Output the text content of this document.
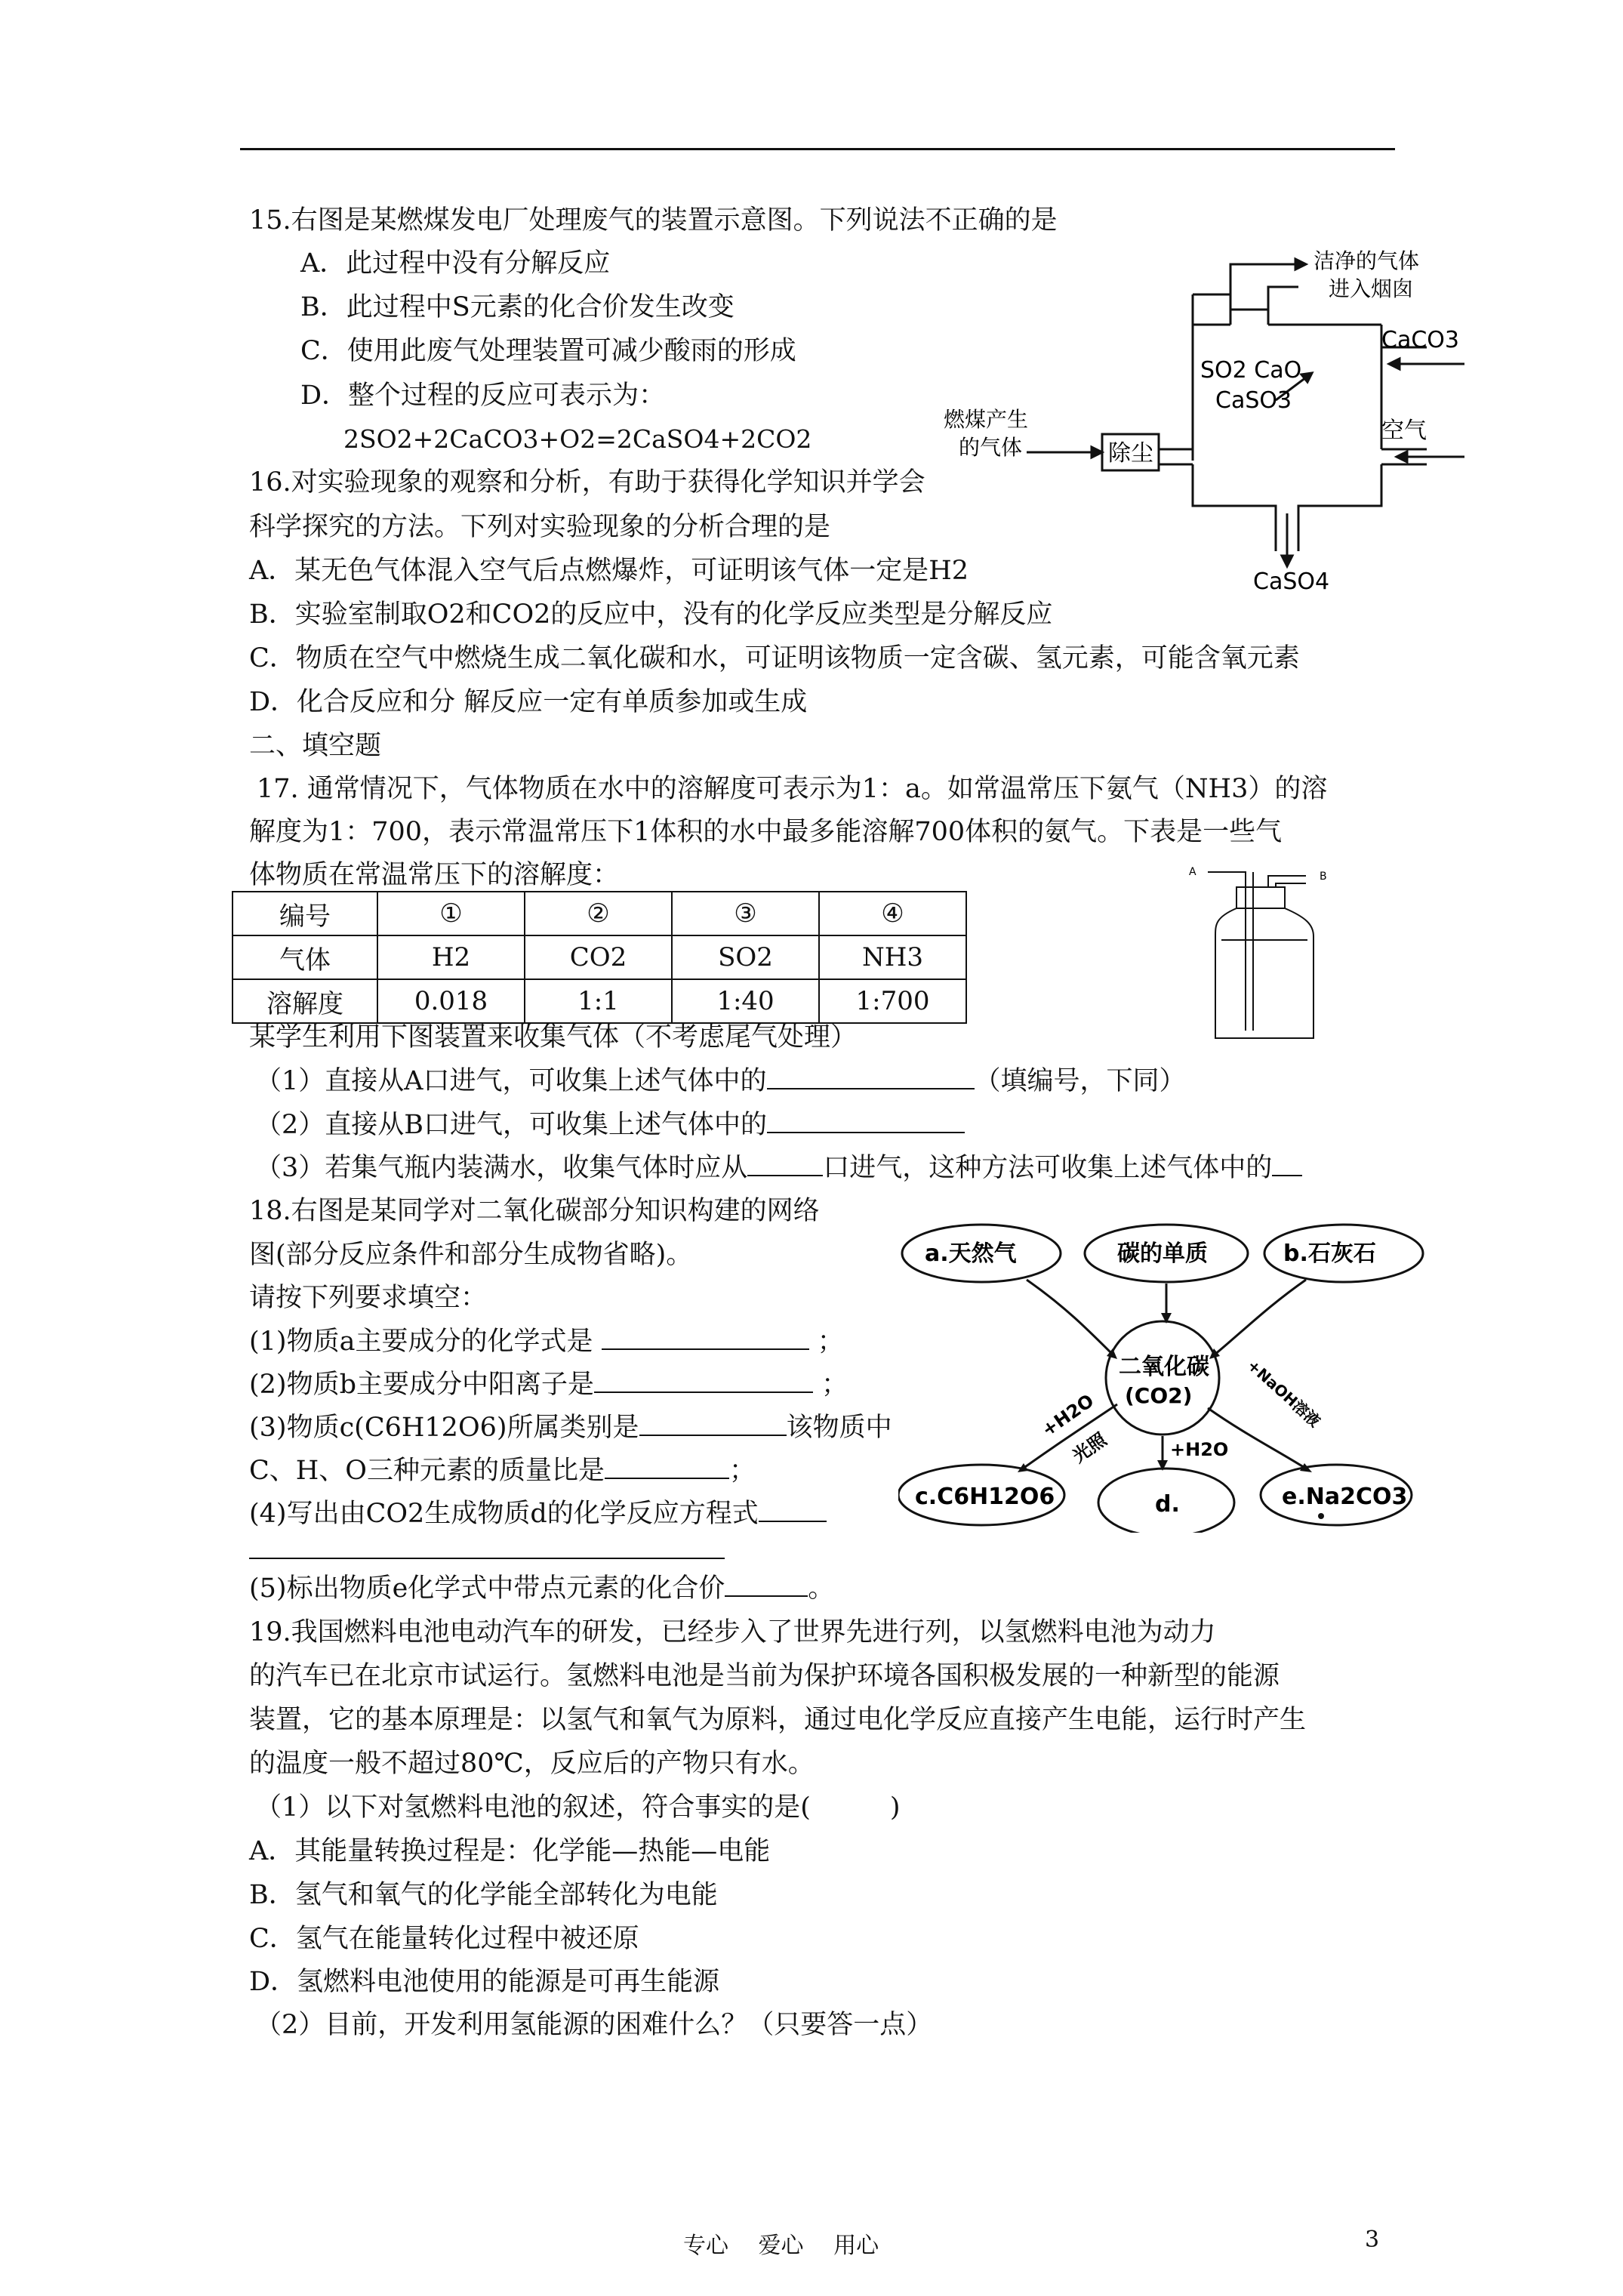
15.右图是某燃煤发电厂处理废气的装置示意图。下列说法不正确的是
A．此过程中没有分解反应
B．此过程中S元素的化合价发生改变
C．使用此废气处理装置可减少酸雨的形成
D．整个过程的反应可表示为：
2SO2+2CaCO3+O2=2CaSO4+2CO2
洁净的气体
进入烟囱
CaCO3
SO2 CaO
CaSO3
燃煤产生
的气体	除尘
空气
CaSO4
16.对实验现象的观察和分析，有助于获得化学知识并学会
科学探究的方法。下列对实验现象的分析合理的是
A．某无色气体混入空气后点燃爆炸，可证明该气体一定是H2
B．实验室制取O2和CO2的反应中，没有的化学反应类型是分解反应
C．物质在空气中燃烧生成二氧化碳和水，可证明该物质一定含碳、氢元素，可能含氧元素
D．化合反应和分 解反应一定有单质参加或生成
二、填空题
17. 通常情况下，气体物质在水中的溶解度可表示为1：a。如常温常压下氨气（NH3）的溶
解度为1：700，表示常温常压下1体积的水中最多能溶解700体积的氨气。下表是一些气
体物质在常温常压下的溶解度：
编号	①	②	③	④
气体	H2	CO2	SO2	NH3
溶解度	0.018	1:1	1:40	1:700
A	B
某学生利用下图装置来收集气体（不考虑尾气处理）
（1）直接从A口进气，可收集上述气体中的	（填编号，下同）
（2）直接从B口进气，可收集上述气体中的
（3）若集气瓶内装满水，收集气体时应从	口进气，这种方法可收集上述气体中的
18.右图是某同学对二氧化碳部分知识构建的网络
图(部分反应条件和部分生成物省略)。
请按下列要求填空：
(1)物质a主要成分的化学式是	；
(2)物质b主要成分中阳离子是	；
(3)物质c(C6H12O6)所属类别是	该物质中
C、H、O三种元素的质量比是	；
(4)写出由CO2生成物质d的化学反应方程式
(5)标出物质e化学式中带点元素的化合价	。
a.天然气	碳的单质	b.石灰石
二氧化碳
(CO2)
c.C6H12O6	d.	e.Na2CO3
+H2O
光照	+H2O
+NaOH溶液
19.我国燃料电池电动汽车的研发，已经步入了世界先进行列，以氢燃料电池为动力
的汽车已在北京市试运行。氢燃料电池是当前为保护环境各国积极发展的一种新型的能源
装置，它的基本原理是：以氢气和氧气为原料，通过电化学反应直接产生电能，运行时产生
的温度一般不超过80℃，反应后的产物只有水。
（1）以下对氢燃料电池的叙述，符合事实的是(　　　)
A．其能量转换过程是：化学能—热能—电能
B．氢气和氧气的化学能全部转化为电能
C．氢气在能量转化过程中被还原
D．氢燃料电池使用的能源是可再生能源
（2）目前，开发利用氢能源的困难什么？（只要答一点）
专心　 爱心　 用心	3
